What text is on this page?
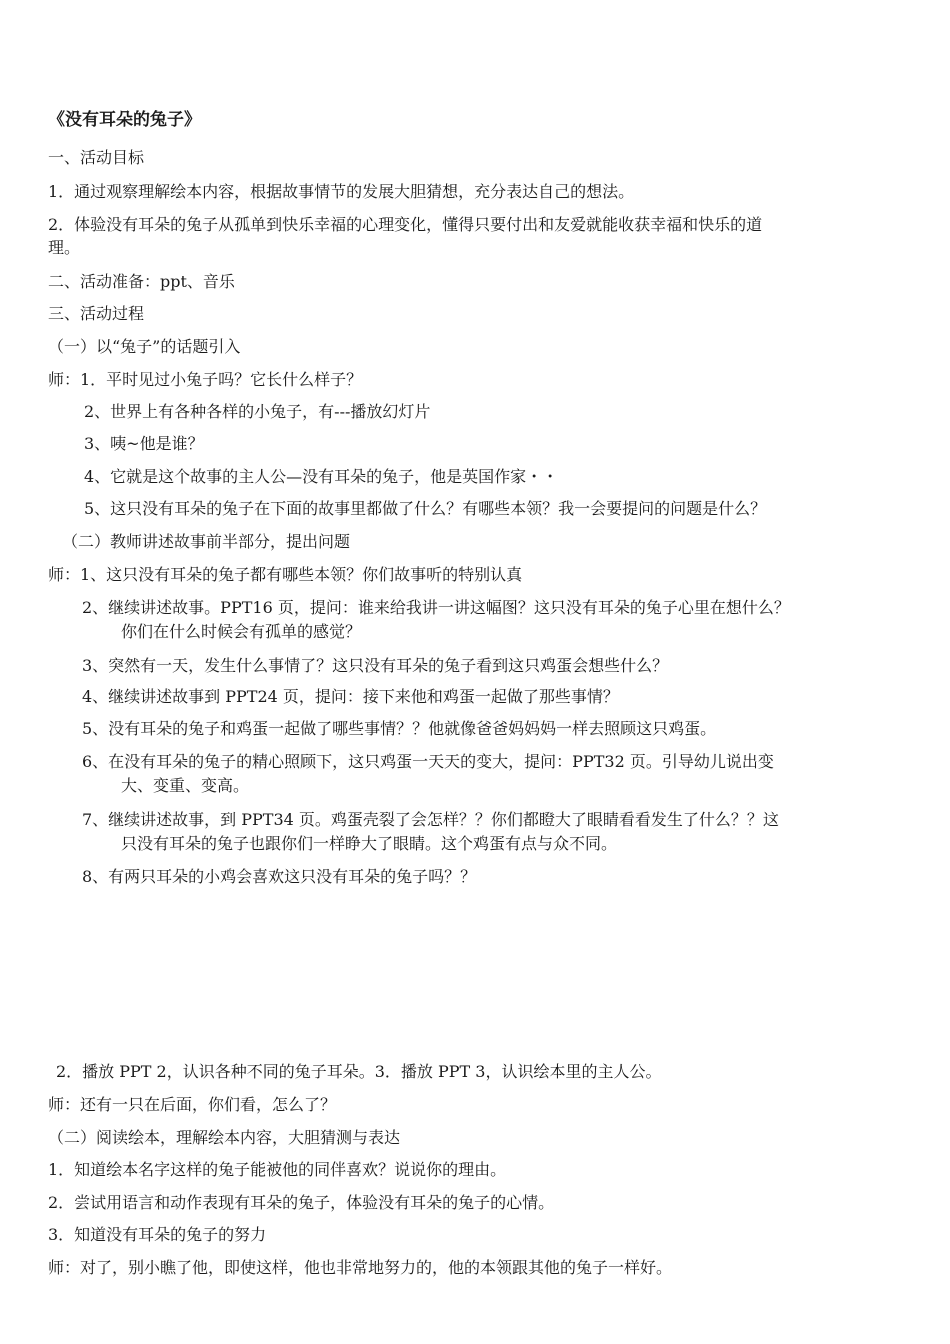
《没有耳朵的兔子》
一、活动目标
1．通过观察理解绘本内容，根据故事情节的发展大胆猜想，充分表达自己的想法。
2．体验没有耳朵的兔子从孤单到快乐幸福的心理变化，懂得只要付出和友爱就能收获幸福和快乐的道
理。
二、活动准备：ppt、音乐
三、活动过程
（一）以“兔子”的话题引入
师：1．平时见过小兔子吗？它长什么样子？
2、世界上有各种各样的小兔子，有---播放幻灯片
3、咦~他是谁？
4、它就是这个故事的主人公—没有耳朵的兔子，他是英国作家・・
5、这只没有耳朵的兔子在下面的故事里都做了什么？有哪些本领？我一会要提问的问题是什么？
（二）教师讲述故事前半部分，提出问题
师：1、这只没有耳朵的兔子都有哪些本领？你们故事听的特别认真
2、继续讲述故事。PPT16 页，提问：谁来给我讲一讲这幅图？这只没有耳朵的兔子心里在想什么？
你们在什么时候会有孤单的感觉？
3、突然有一天，发生什么事情了？这只没有耳朵的兔子看到这只鸡蛋会想些什么？
4、继续讲述故事到 PPT24 页，提问：接下来他和鸡蛋一起做了那些事情？
5、没有耳朵的兔子和鸡蛋一起做了哪些事情？？他就像爸爸妈妈妈一样去照顾这只鸡蛋。
6、在没有耳朵的兔子的精心照顾下，这只鸡蛋一天天的变大，提问：PPT32 页。引导幼儿说出变
大、变重、变高。
7、继续讲述故事，到 PPT34 页。鸡蛋壳裂了会怎样？？你们都瞪大了眼睛看看发生了什么？？这
只没有耳朵的兔子也跟你们一样睁大了眼睛。这个鸡蛋有点与众不同。
8、有两只耳朵的小鸡会喜欢这只没有耳朵的兔子吗？？
2．播放 PPT 2，认识各种不同的兔子耳朵。3．播放 PPT 3，认识绘本里的主人公。
师：还有一只在后面，你们看，怎么了？
（二）阅读绘本，理解绘本内容，大胆猜测与表达
1．知道绘本名字这样的兔子能被他的同伴喜欢？说说你的理由。
2．尝试用语言和动作表现有耳朵的兔子，体验没有耳朵的兔子的心情。
3．知道没有耳朵的兔子的努力
师：对了，别小瞧了他，即使这样，他也非常地努力的，他的本领跟其他的兔子一样好。
